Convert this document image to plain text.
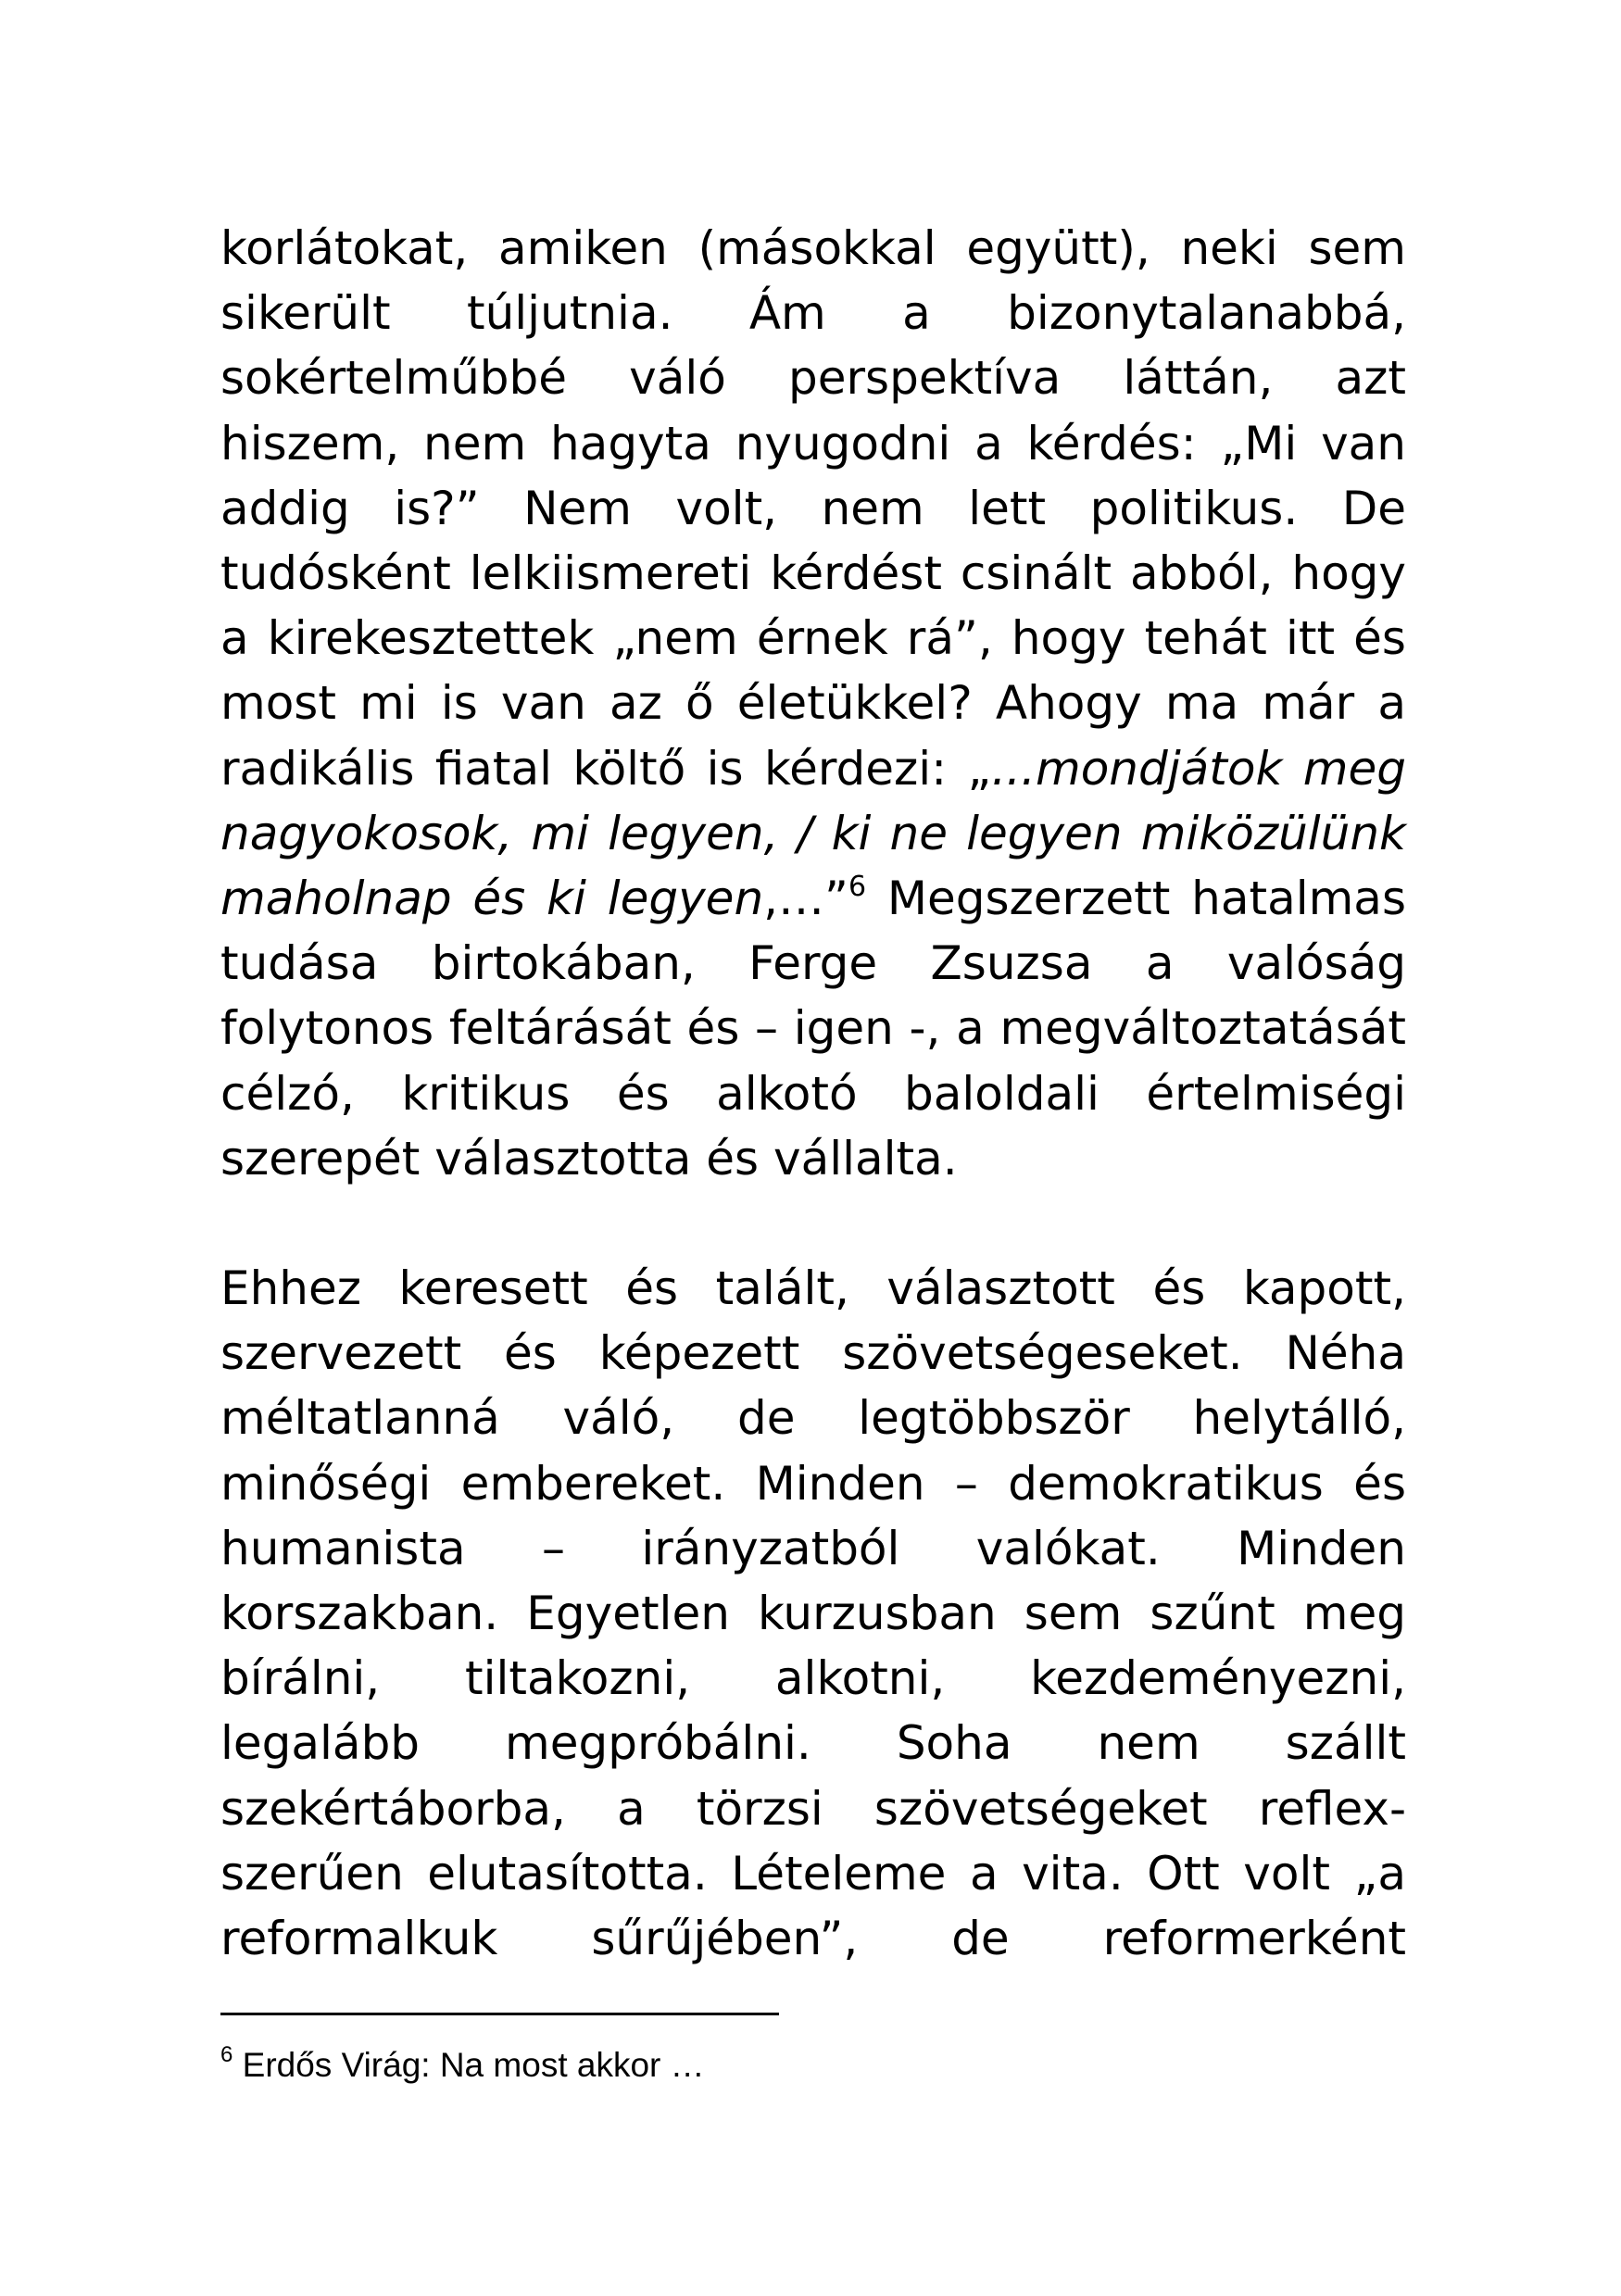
korlátokat, amiken (másokkal együtt), neki sem sikerült túljutnia. Ám a bizonytalanabbá, sokértelműbbé váló perspektíva láttán, azt hiszem, nem hagyta nyugodni a kérdés: „Mi van addig is?” Nem volt, nem lett politikus. De tudósként lelkiismereti kérdést csinált abból, hogy a kirekesztettek „nem érnek rá”, hogy tehát itt és most mi is van az ő életükkel? Ahogy ma már a radikális fiatal költő is kérdezi: „...mondjátok meg nagyokosok, mi legyen, / ki ne legyen miközülünk maholnap és ki legyen,…”$^6$ Megszerzett hatalmas tudása birtokában, Ferge Zsuzsa a valóság folytonos feltárását és – igen -, a megváltoztatását célzó, kritikus és alkotó baloldali értelmiségi szerepét választotta és vállalta.

Ehhez keresett és talált, választott és kapott, szervezett és képezett szövetségeseket. Néha méltatlanná váló, de legtöbbször helytálló, minőségi embereket. Minden – demokratikus és humanista – irányzatból valókat. Minden korszakban. Egyetlen kurzusban sem szűnt meg bírálni, tiltakozni, alkotni, kezdeményezni, legalább megpróbálni. Soha nem szállt szekértáborba, a törzsi szövetségeket reflex-szerűen elutasította. Lételeme a vita. Ott volt „a reformalkuk sűrűjében”, de reformerként

$^6$ Erdős Virág: Na most akkor …
